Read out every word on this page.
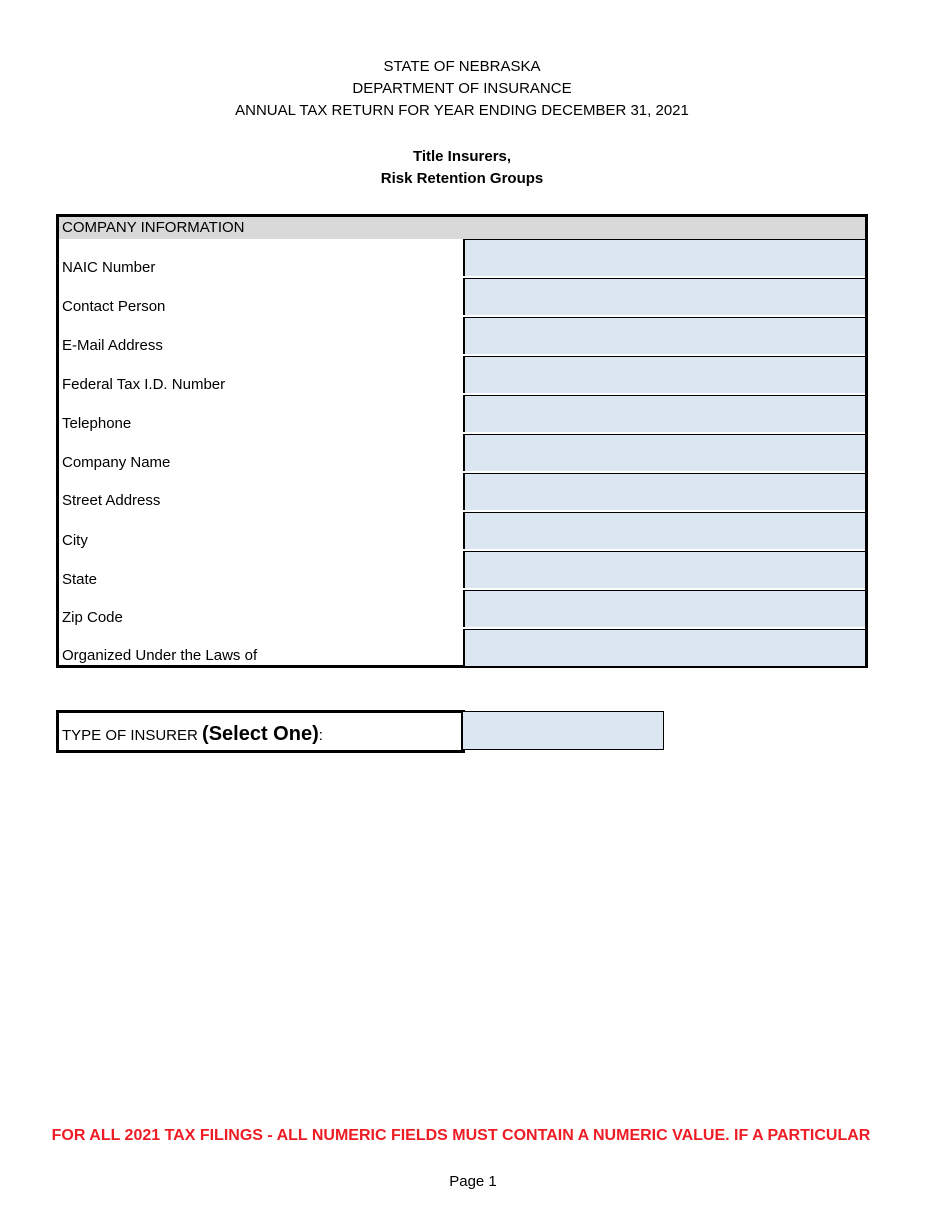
STATE OF NEBRASKA
DEPARTMENT OF INSURANCE
ANNUAL TAX RETURN FOR YEAR ENDING DECEMBER 31, 2021
Title Insurers,
Risk Retention Groups
COMPANY INFORMATION
NAIC Number
Contact Person
E-Mail Address
Federal Tax I.D. Number
Telephone
Company Name
Street Address
City
State
Zip Code
Organized Under the Laws of
TYPE OF INSURER (Select One):
FOR ALL 2021 TAX FILINGS - ALL NUMERIC FIELDS MUST CONTAIN A NUMERIC VALUE. IF A PARTICULAR
Page 1
